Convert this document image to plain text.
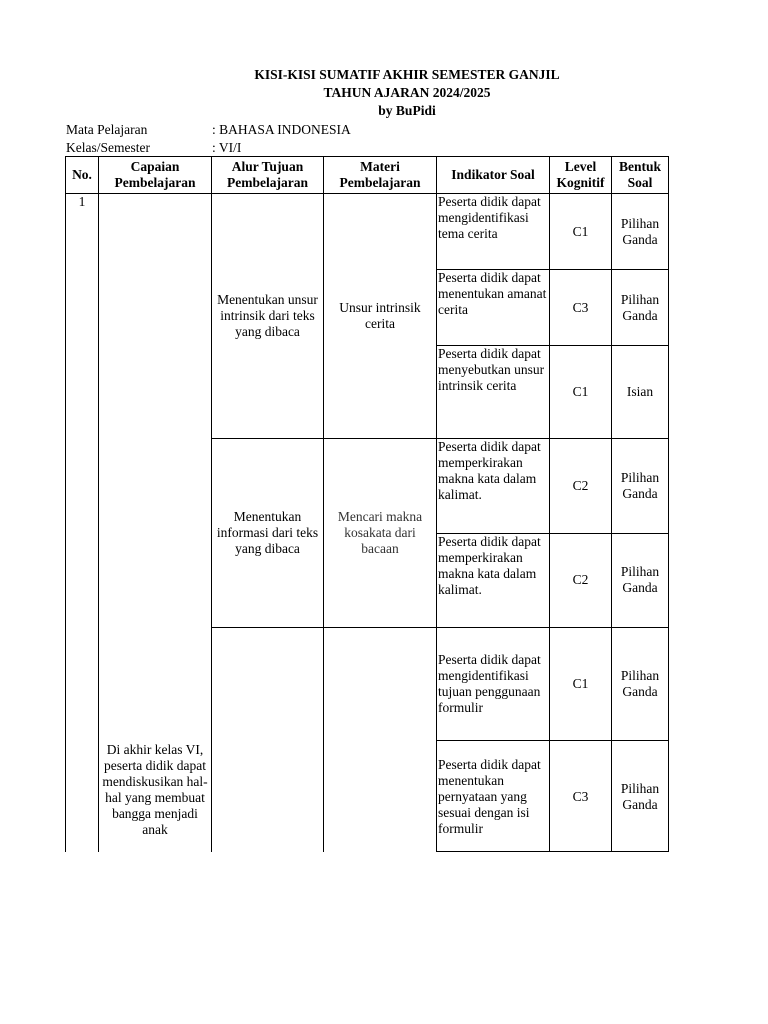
KISI-KISI SUMATIF AKHIR SEMESTER GANJIL
TAHUN AJARAN 2024/2025
by BuPidi
Mata Pelajaran	: BAHASA INDONESIA
Kelas/Semester	: VI/I
No.	Capaian Pembelajaran	Alur Tujuan Pembelajaran	Materi Pembelajaran	Indikator Soal	Level Kognitif	Bentuk Soal
1	Di akhir kelas VI, peserta didik dapat mendiskusikan hal-hal yang membuat bangga menjadi anak	Menentukan unsur intrinsik dari teks yang dibaca	Unsur intrinsik cerita	Peserta didik dapat mengidentifikasi tema cerita	C1	Pilihan Ganda
				Peserta didik dapat menentukan amanat cerita	C3	Pilihan Ganda
				Peserta didik dapat menyebutkan unsur intrinsik cerita	C1	Isian
		Menentukan informasi dari teks yang dibaca	Mencari makna kosakata dari bacaan	Peserta didik dapat memperkirakan makna kata dalam kalimat.	C2	Pilihan Ganda
				Peserta didik dapat memperkirakan makna kata dalam kalimat.	C2	Pilihan Ganda
				Peserta didik dapat mengidentifikasi tujuan penggunaan formulir	C1	Pilihan Ganda
				Peserta didik dapat menentukan pernyataan yang sesuai dengan isi formulir	C3	Pilihan Ganda
